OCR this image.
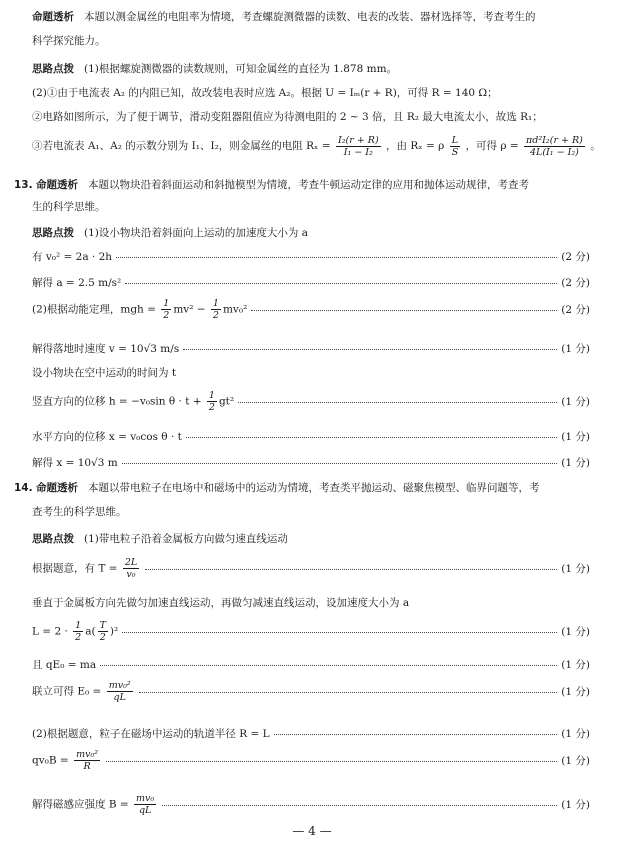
命题透析 本题以测金属丝的电阻率为情境，考查螺旋测微器的读数、电表的改装、器材选择等，考查考生的
科学探究能力。
思路点拨 (1)根据螺旋测微器的读数规则，可知金属丝的直径为 1.878 mm。
(2)①由于电流表 A₂ 的内阻已知，故改装电表时应选 A₂。根据 U = Iₘ(r + R)，可得 R = 140 Ω；
②电路如图所示，为了便于调节，滑动变阻器阻值应为待测电阻的 2 ~ 3 倍，且 R₂ 最大电流太小，故选 R₁；
③若电流表 A₁、A₂ 的示数分别为 I₁、I₂，则金属丝的电阻 $R_x = \frac{\text{I₂(r + R)}}{\text{I₁ − I₂}}$ ，由 Rₓ = ρ $\frac{L}{S}$ ，可得 $\rho = \frac{\text{πd²I₂(r + R)}}{\text{4L(I₁ − I₂)}}$ 。
13. 命题透析 本题以物块沿着斜面运动和斜抛模型为情境，考查牛顿运动定律的应用和抛体运动规律，考查考
生的科学思维。
思路点拨 (1)设小物块沿着斜面向上运动的加速度大小为 a
有 v₀² = 2a · 2h	(2 分)
解得 a = 2.5 m/s²	(2 分)
(2)根据动能定理，mgh = $\frac{1}{2} mv^2 - \frac{1}{2} mv_0^2$	(2 分)
解得落地时速度 v = 10√3 m/s	(1 分)
设小物块在空中运动的时间为 t
竖直方向的位移 h = −v₀sin $\theta \cdot t + \frac{1}{2} gt^2$	(1 分)
水平方向的位移 x = v₀cos θ · t	(1 分)
解得 x = 10√3 m	(1 分)
14. 命题透析 本题以带电粒子在电场中和磁场中的运动为情境，考查类平抛运动、磁聚焦模型、临界问题等，考
查考生的科学思维。
思路点拨 (1)带电粒子沿着金属板方向做匀速直线运动
根据题意，有 $T = \frac{2L}{\text{v₀}}$	(1 分)
垂直于金属板方向先做匀加速直线运动，再做匀减速直线运动，设加速度大小为 a
$L = 2 \cdot \frac{1}{2} a( \frac{T}{2} )^2$	(1 分)
且 qE₀ = ma	(1 分)
联立可得 $E_0 = \frac{\text{mv₀²}}{qL}$	(1 分)
(2)根据题意，粒子在磁场中运动的轨道半径 R = L	(1 分)
$qv_0B = \frac{\text{mv₀²}}{R}$	(1 分)
解得磁感应强度 $B = \frac{\text{mv₀}}{qL}$	(1 分)
— 4 —
